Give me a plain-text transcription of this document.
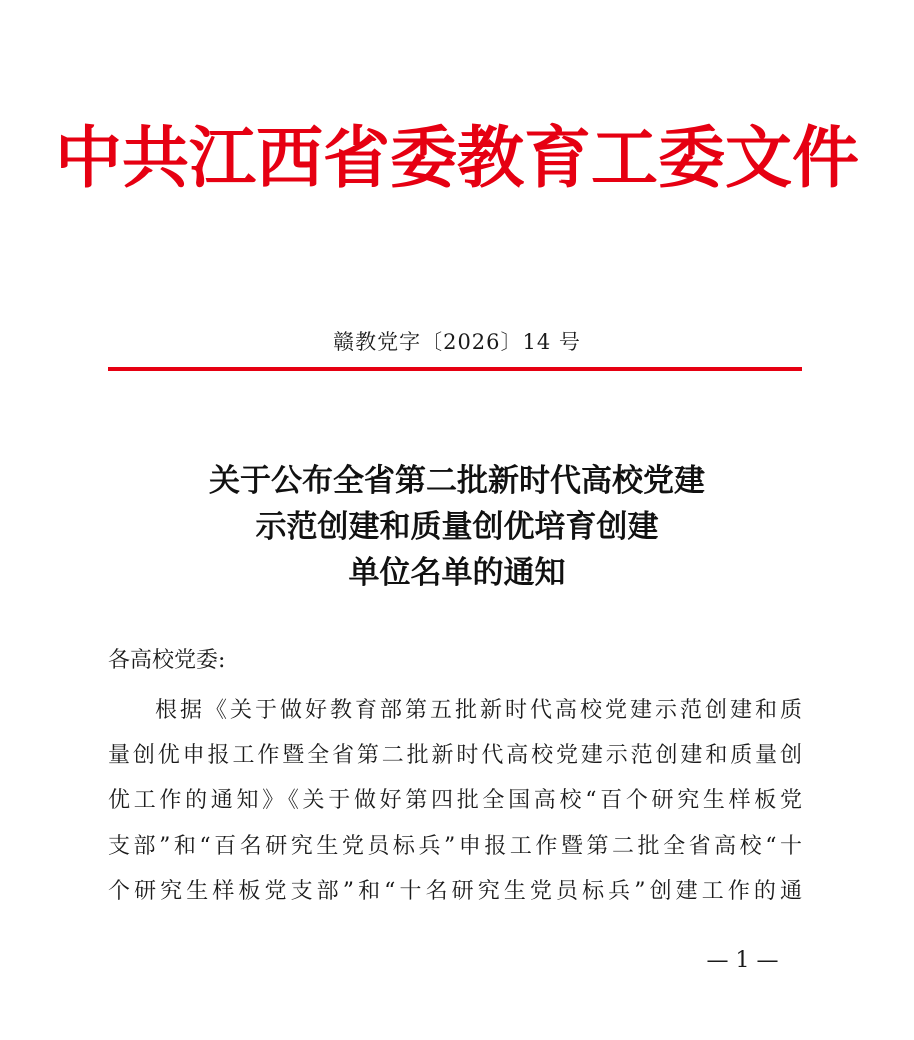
中共江西省委教育工委文件
赣教党字〔2026〕14 号
关于公布全省第二批新时代高校党建
示范创建和质量创优培育创建
单位名单的通知
各高校党委:
根据《关于做好教育部第五批新时代高校党建示范创建和质
量创优申报工作暨全省第二批新时代高校党建示范创建和质量创
优工作的通知》《关于做好第四批全国高校“百个研究生样板党
支部”和“百名研究生党员标兵”申报工作暨第二批全省高校“十
个研究生样板党支部”和“十名研究生党员标兵”创建工作的通
— 1 —
